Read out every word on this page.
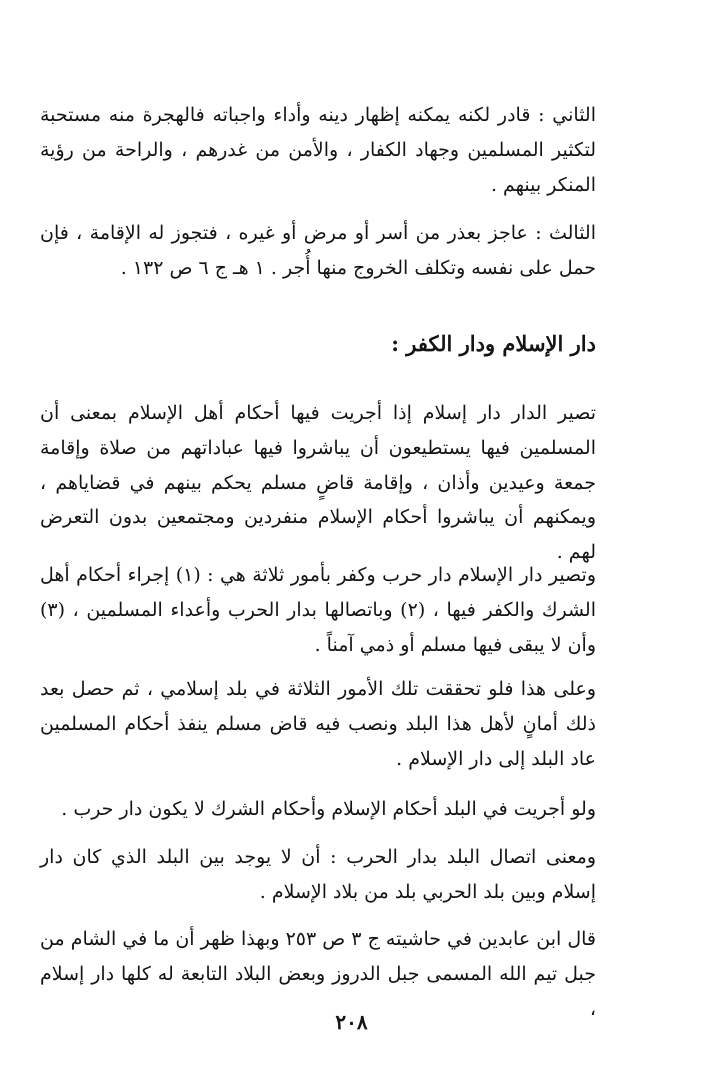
الثاني : قادر لكنه يمكنه إظهار دينه وأداء واجباته فالهجرة منه مستحبة لتكثير المسلمين وجهاد الكفار ، والأمن من غدرهم ، والراحة من رؤية المنكر بينهم .

الثالث : عاجز بعذر من أسر أو مرض أو غيره ، فتجوز له الإقامة ، فإن حمل على نفسه وتكلف الخروج منها أُجر . ١ هـ ج ٦ ص ١٣٢ .

دار الإسلام ودار الكفر :

تصير الدار دار إسلام إذا أجريت فيها أحكام أهل الإسلام بمعنى أن المسلمين فيها يستطيعون أن يباشروا فيها عباداتهم من صلاة وإقامة جمعة وعيدين وأذان ، وإقامة قاضٍ مسلم يحكم بينهم في قضاياهم ، ويمكنهم أن يباشروا أحكام الإسلام منفردين ومجتمعين بدون التعرض لهم .

وتصير دار الإسلام دار حرب وكفر بأمور ثلاثة هي : (١) إجراء أحكام أهل الشرك والكفر فيها ، (٢) وباتصالها بدار الحرب وأعداء المسلمين ، (٣) وأن لا يبقى فيها مسلم أو ذمي آمناً .

وعلى هذا فلو تحققت تلك الأمور الثلاثة في بلد إسلامي ، ثم حصل بعد ذلك أمانٍ لأهل هذا البلد ونصب فيه قاض مسلم ينفذ أحكام المسلمين عاد البلد إلى دار الإسلام .

ولو أجريت في البلد أحكام الإسلام وأحكام الشرك لا يكون دار حرب .

ومعنى اتصال البلد بدار الحرب : أن لا يوجد بين البلد الذي كان دار إسلام وبين بلد الحربي بلد من بلاد الإسلام .

قال ابن عابدين في حاشيته ج ٣ ص ٢٥٣ وبهذا ظهر أن ما في الشام من جبل تيم الله المسمى جبل الدروز وبعض البلاد التابعة له كلها دار إسلام ،

٢٠٨
